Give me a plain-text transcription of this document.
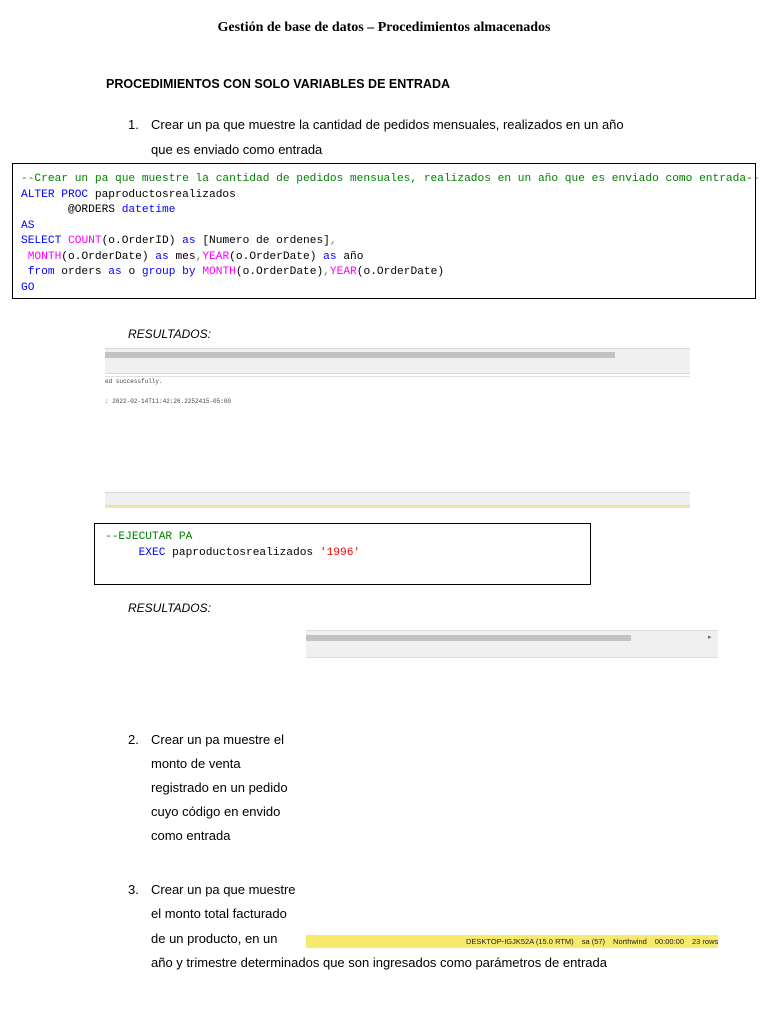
Gestión de base de datos – Procedimientos almacenados
PROCEDIMIENTOS CON SOLO VARIABLES DE ENTRADA
1. Crear un pa que muestre la cantidad de pedidos mensuales, realizados en un año
que es enviado como entrada
--Crear un pa que muestre la cantidad de pedidos mensuales, realizados en un año que es enviado como entrada--
ALTER PROC paproductosrealizados
@ORDERS datetime
AS
SELECT COUNT(o.OrderID) as [Numero de ordenes],
MONTH(o.OrderDate) as mes,YEAR(o.OrderDate) as año
from orders as o group by MONTH(o.OrderDate),YEAR(o.OrderDate)
GO
RESULTADOS:
ed successfully.
: 2022-02-14T11:42:26.2252415-05:00
--EJECUTAR PA
EXEC paproductosrealizados '1996'
RESULTADOS:
▸
2. Crear un pa muestre el
monto de venta
registrado en un pedido
cuyo código en envido
como entrada
3. Crear un pa que muestre
el monto total facturado
de un producto, en un
año y trimestre determinados que son ingresados como parámetros de entrada
DESKTOP-IGJK52A (15.0 RTM) sa (57) Northwind 00:00:00 23 rows
